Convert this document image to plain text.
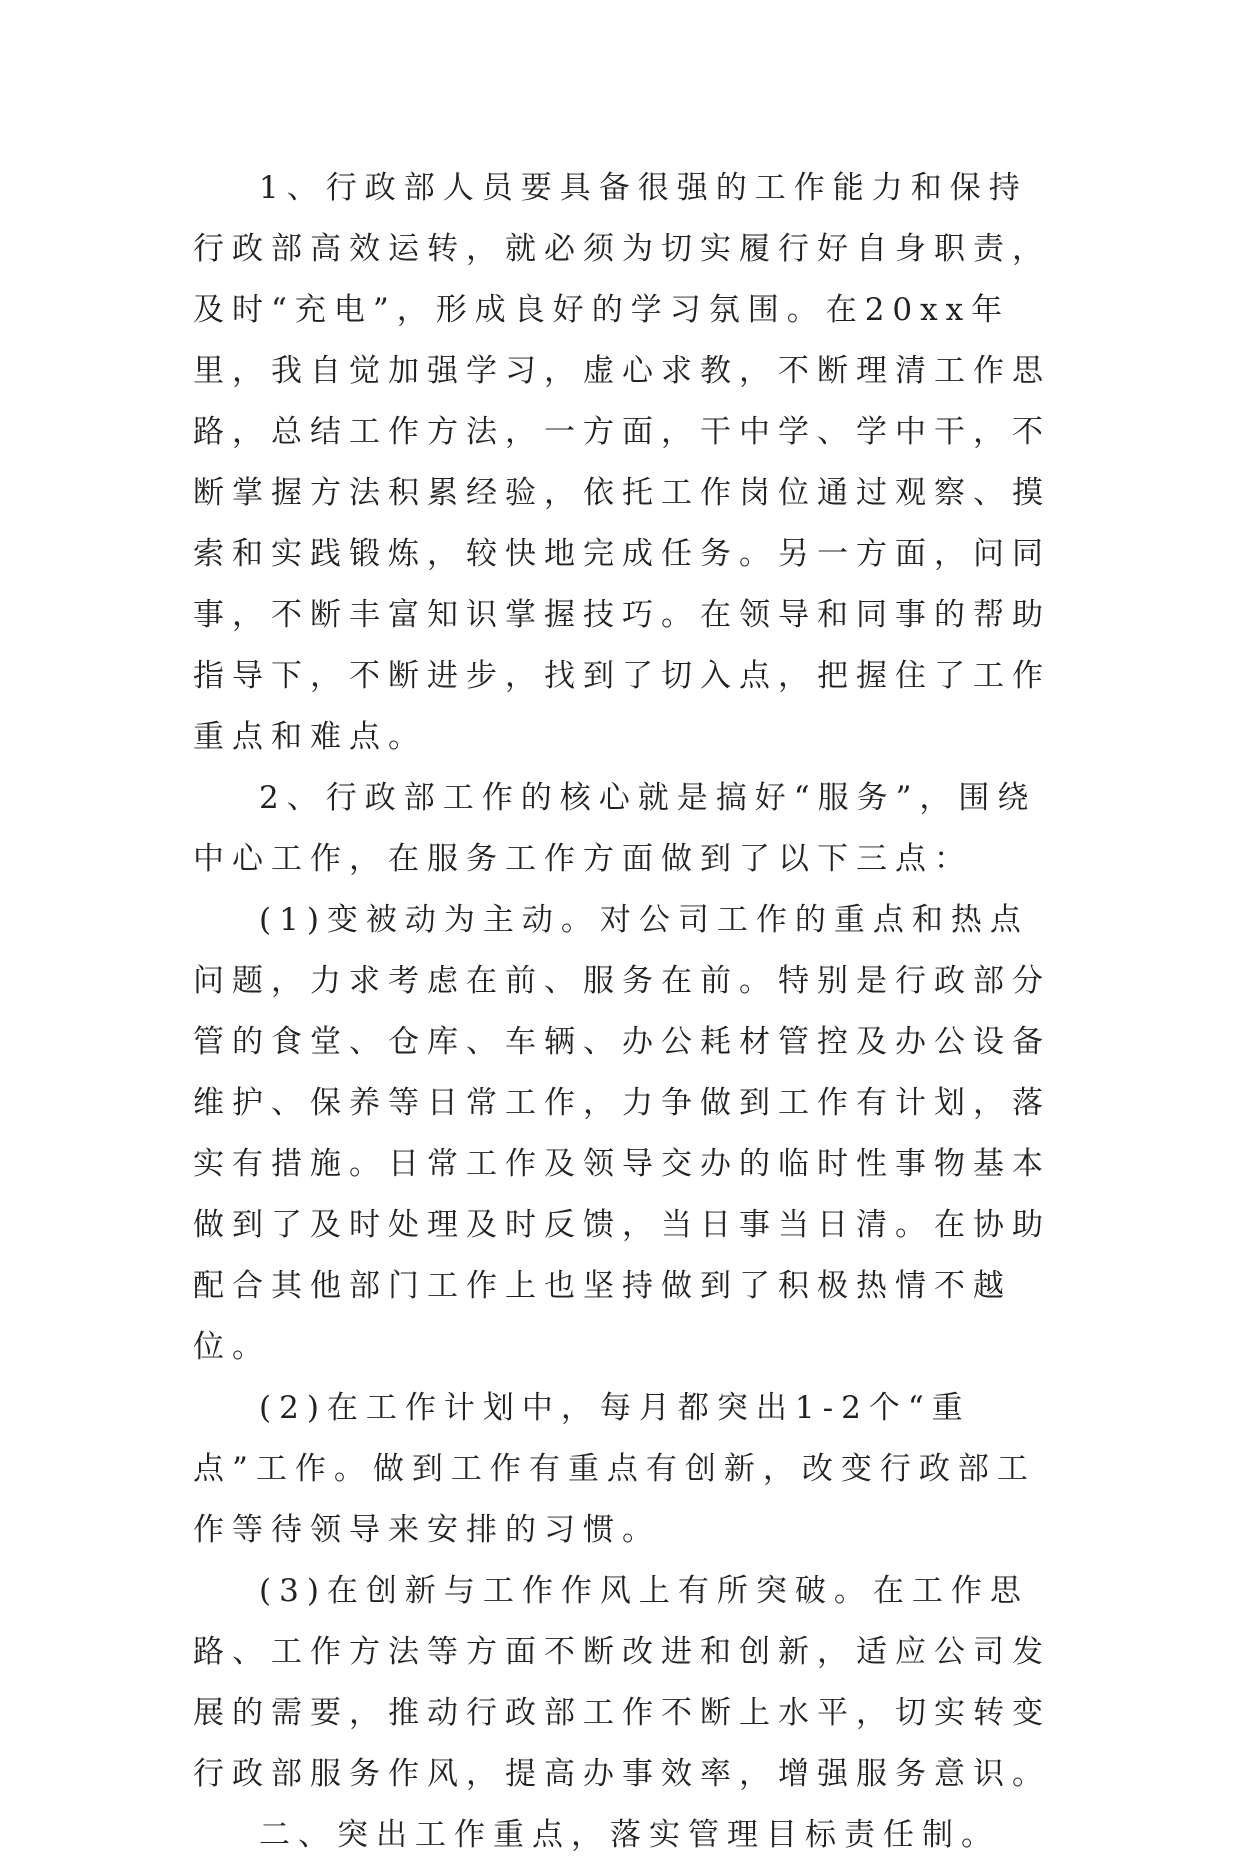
1、行政部人员要具备很强的工作能力和保持行政部高效运转，就必须为切实履行好自身职责，及时“充电”，形成良好的学习氛围。在20xx年里，我自觉加强学习，虚心求教，不断理清工作思路，总结工作方法，一方面，干中学、学中干，不断掌握方法积累经验，依托工作岗位通过观察、摸索和实践锻炼，较快地完成任务。另一方面，问同事，不断丰富知识掌握技巧。在领导和同事的帮助指导下，不断进步，找到了切入点，把握住了工作重点和难点。

2、行政部工作的核心就是搞好“服务”，围绕中心工作，在服务工作方面做到了以下三点：

(1)变被动为主动。对公司工作的重点和热点问题，力求考虑在前、服务在前。特别是行政部分管的食堂、仓库、车辆、办公耗材管控及办公设备维护、保养等日常工作，力争做到工作有计划，落实有措施。日常工作及领导交办的临时性事物基本做到了及时处理及时反馈，当日事当日清。在协助配合其他部门工作上也坚持做到了积极热情不越位。

(2)在工作计划中，每月都突出1-2个“重点”工作。做到工作有重点有创新，改变行政部工作等待领导来安排的习惯。

(3)在创新与工作作风上有所突破。在工作思路、工作方法等方面不断改进和创新，适应公司发展的需要，推动行政部工作不断上水平，切实转变行政部服务作风，提高办事效率，增强服务意识。

二、突出工作重点，落实管理目标责任制。
